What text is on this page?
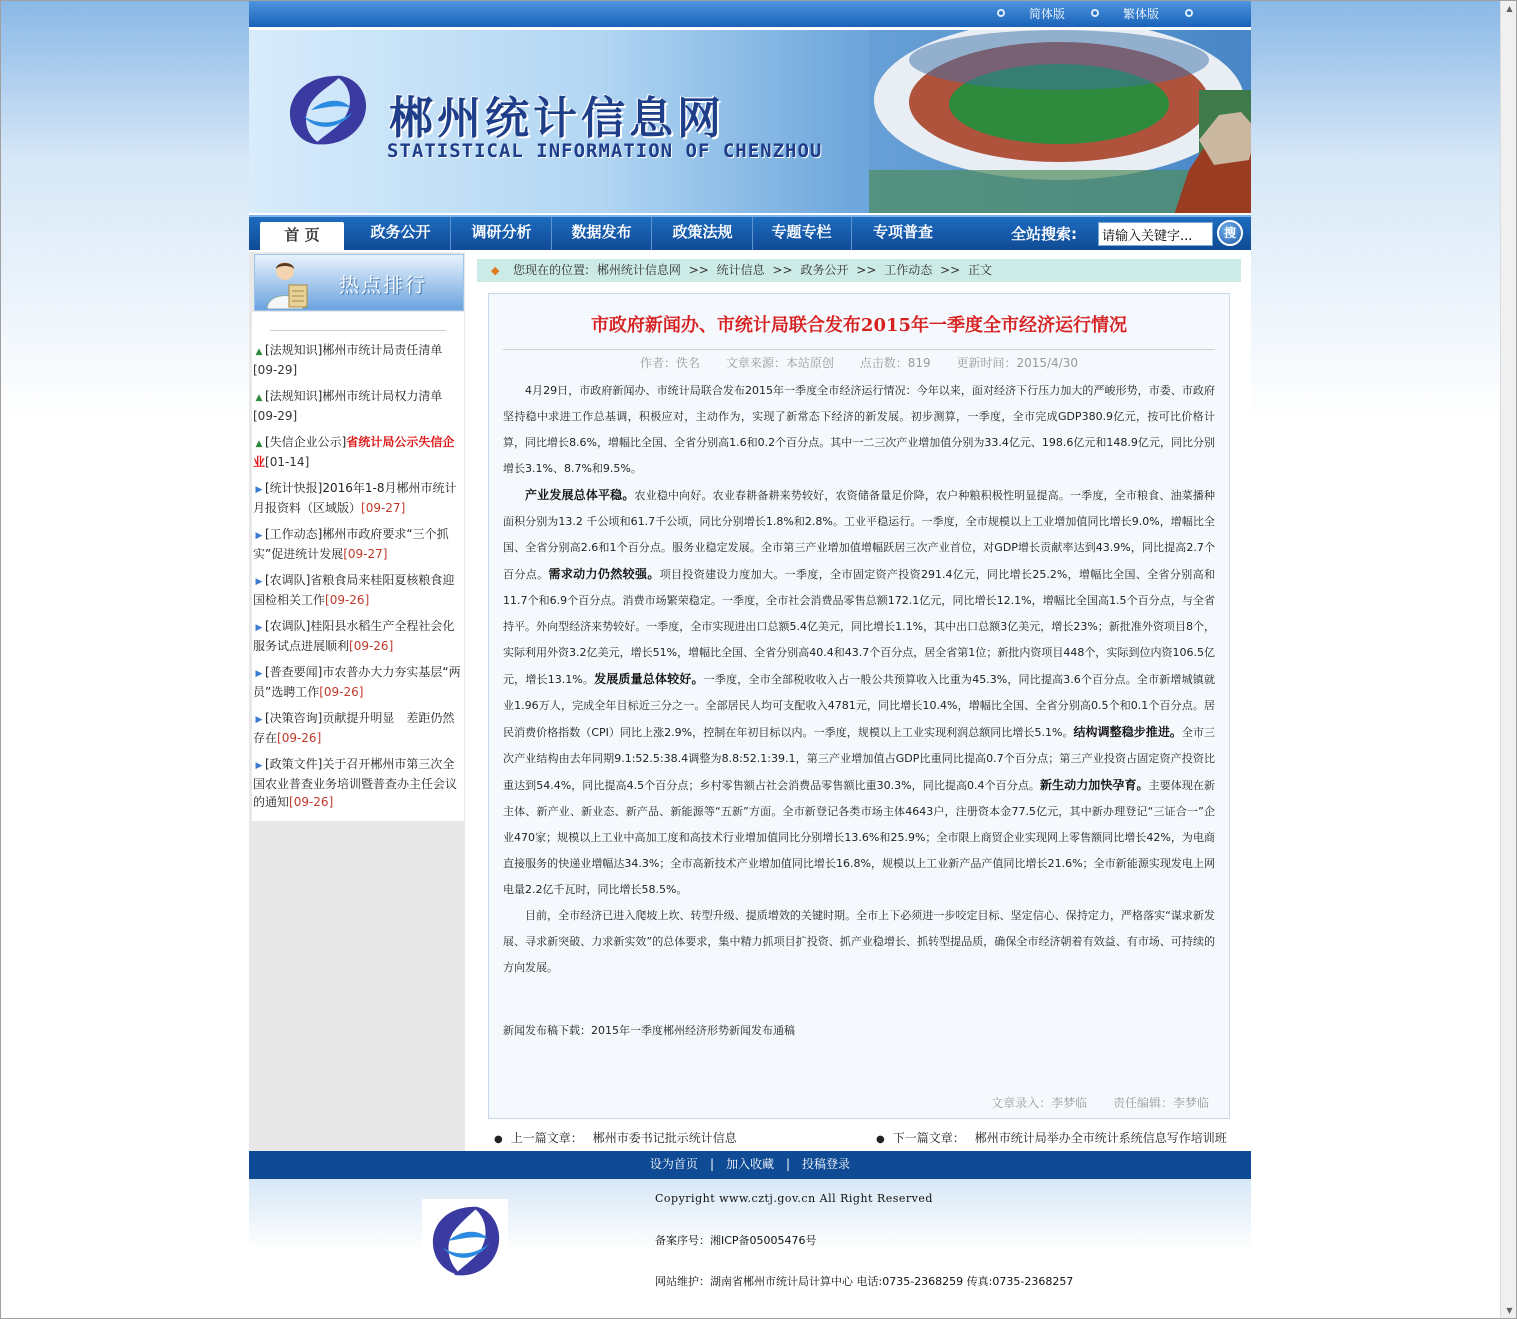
简体版	繁体版
郴州统计信息网
STATISTICAL INFORMATION OF CHENZHOU
首 页	政务公开	调研分析	数据发布	政策法规	专题专栏	专项普查	全站搜索:
请输入关键字...	搜
热点排行
▲ [法规知识]郴州市统计局责任清单
[09-29]
▲ [法规知识]郴州市统计局权力清单
[09-29]
▲ [失信企业公示]省统计局公示失信企业[01-14]
▶ [统计快报]2016年1-8月郴州市统计月报资料（区域版）[09-27]
▶ [工作动态]郴州市政府要求“三个抓实”促进统计发展[09-27]
▶ [农调队]省粮食局来桂阳夏核粮食迎国检相关工作[09-26]
▶ [农调队]桂阳县水稻生产全程社会化服务试点进展顺利[09-26]
▶ [普查要闻]市农普办大力夯实基层“两员”选聘工作[09-26]
▶ [决策咨询]贡献提升明显　差距仍然存在[09-26]
▶ [政策文件]关于召开郴州市第三次全国农业普查业务培训暨普查办主任会议的通知[09-26]
◆ 您现在的位置: 郴州统计信息网 >> 统计信息 >> 政务公开 >> 工作动态 >> 正文
市政府新闻办、市统计局联合发布2015年一季度全市经济运行情况
作者：佚名 文章来源：本站原创 点击数：819 更新时间：2015/4/30

4月29日，市政府新闻办、市统计局联合发布2015年一季度全市经济运行情况：今年以来，面对经济下行压力加大的严峻形势，市委、市政府坚持稳中求进工作总基调，积极应对，主动作为，实现了新常态下经济的新发展。初步测算，一季度，全市完成GDP380.9亿元，按可比价格计算，同比增长8.6%，增幅比全国、全省分别高1.6和0.2个百分点。其中一二三次产业增加值分别为33.4亿元、198.6亿元和148.9亿元，同比分别增长3.1%、8.7%和9.5%。

产业发展总体平稳。农业稳中向好。农业春耕备耕来势较好，农资储备量足价降，农户种粮积极性明显提高。一季度，全市粮食、油菜播种面积分别为13.2 千公顷和61.7千公顷，同比分别增长1.8%和2.8%。工业平稳运行。一季度，全市规模以上工业增加值同比增长9.0%，增幅比全国、全省分别高2.6和1个百分点。服务业稳定发展。全市第三产业增加值增幅跃居三次产业首位，对GDP增长贡献率达到43.9%，同比提高2.7个百分点。需求动力仍然较强。项目投资建设力度加大。一季度，全市固定资产投资291.4亿元，同比增长25.2%，增幅比全国、全省分别高和11.7个和6.9个百分点。消费市场繁荣稳定。一季度，全市社会消费品零售总额172.1亿元，同比增长12.1%，增幅比全国高1.5个百分点，与全省持平。外向型经济来势较好。一季度，全市实现进出口总额5.4亿美元，同比增长1.1%，其中出口总额3亿美元，增长23%；新批准外资项目8个，实际利用外资3.2亿美元，增长51%，增幅比全国、全省分别高40.4和43.7个百分点，居全省第1位；新批内资项目448个，实际到位内资106.5亿元，增长13.1%。发展质量总体较好。一季度，全市全部税收收入占一般公共预算收入比重为45.3%，同比提高3.6个百分点。全市新增城镇就业1.96万人，完成全年目标近三分之一。全部居民人均可支配收入4781元，同比增长10.4%，增幅比全国、全省分别高0.5个和0.1个百分点。居民消费价格指数（CPI）同比上涨2.9%，控制在年初目标以内。一季度，规模以上工业实现利润总额同比增长5.1%。结构调整稳步推进。全市三次产业结构由去年同期9.1:52.5:38.4调整为8.8:52.1:39.1，第三产业增加值占GDP比重同比提高0.7个百分点；第三产业投资占固定资产投资比重达到54.4%，同比提高4.5个百分点；乡村零售额占社会消费品零售额比重30.3%，同比提高0.4个百分点。新生动力加快孕育。主要体现在新主体、新产业、新业态、新产品、新能源等“五新”方面。全市新登记各类市场主体4643户，注册资本金77.5亿元，其中新办理登记“三证合一”企业470家；规模以上工业中高加工度和高技术行业增加值同比分别增长13.6%和25.9%；全市限上商贸企业实现网上零售额同比增长42%，为电商直接服务的快递业增幅达34.3%；全市高新技术产业增加值同比增长16.8%，规模以上工业新产品产值同比增长21.6%；全市新能源实现发电上网电量2.2亿千瓦时，同比增长58.5%。

目前，全市经济已进入爬坡上坎、转型升级、提质增效的关键时期。全市上下必须进一步咬定目标、坚定信心、保持定力，严格落实“谋求新发展、寻求新突破、力求新实效”的总体要求，集中精力抓项目扩投资、抓产业稳增长、抓转型提品质，确保全市经济朝着有效益、有市场、可持续的方向发展。

新闻发布稿下载：2015年一季度郴州经济形势新闻发布通稿
文章录入：李梦临 责任编辑：李梦临
● 上一篇文章： 郴州市委书记批示统计信息	● 下一篇文章： 郴州市统计局举办全市统计系统信息写作培训班
设为首页 | 加入收藏 | 投稿登录
Copyright www.cztj.gov.cn All Right Reserved
备案序号：湘ICP备05005476号
网站维护：湖南省郴州市统计局计算中心 电话:0735-2368259 传真:0735-2368257
▲
▼
